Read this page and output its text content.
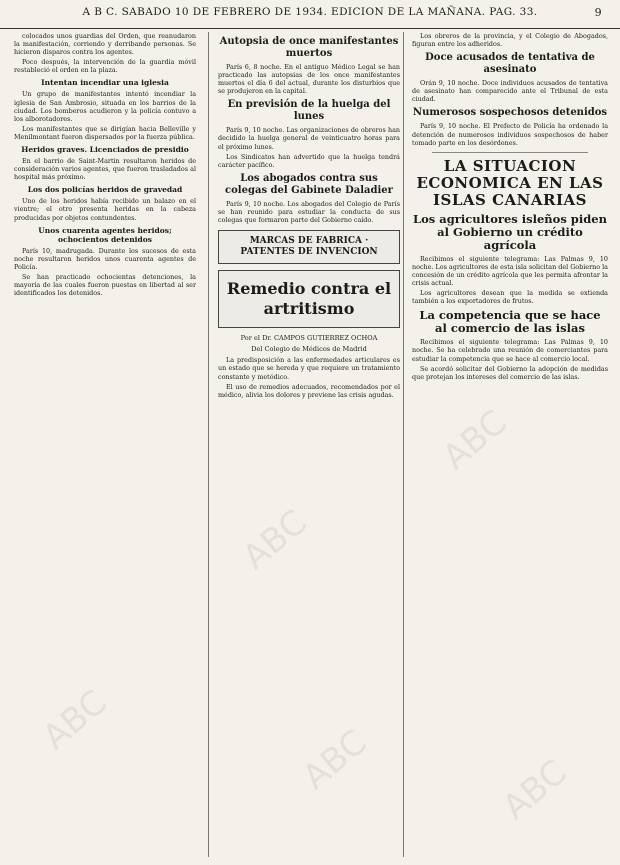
A B C. SABADO 10 DE FEBRERO DE 1934. EDICION DE LA MAÑANA. PAG. 33.	9

colocados unos guardias del Orden, que reanudaron la manifestación, corriendo y derribando personas. Se hicieron disparos contra los agentes.

Poco después, la intervención de la guardia móvil restableció el orden en la plaza.

Intentan incendiar una iglesia

Un grupo de manifestantes intentó incendiar la iglesia de San Ambrosio, situada en los barrios de la ciudad. Los bomberos acudieron y la policía contuvo a los alborotadores.

Los manifestantes que se dirigían hacia Belleville y Menilmontant fueron dispersados por la fuerza pública.

Heridos graves. Licenciados de presidio

En el barrio de Saint-Martin resultaron heridos de consideración varios agentes, que fueron trasladados al hospital más próximo.

Los dos policías heridos de gravedad

Uno de los heridos había recibido un balazo en el vientre; el otro presenta heridas en la cabeza producidas por objetos contundentes.

Unos cuarenta agentes heridos; ochocientos detenidos

París 10, madrugada. Durante los sucesos de esta noche resultaron heridos unos cuarenta agentes de Policía.

Se han practicado ochocientas detenciones, la mayoría de las cuales fueron puestas en libertad al ser identificados los detenidos.

Autopsia de once manifestantes muertos

París 6, 8 noche. En el antiguo Médico Legal se han practicado las autopsias de los once manifestantes muertos el día 6 del actual, durante los disturbios que se produjeron en la capital.

En previsión de la huelga del lunes

París 9, 10 noche. Las organizaciones de obreros han decidido la huelga general de veinticuatro horas para el próximo lunes.

Los Sindicatos han advertido que la huelga tendrá carácter pacífico.

Los abogados contra sus colegas del Gabinete Daladier

París 9, 10 noche. Los abogados del Colegio de París se han reunido para estudiar la conducta de sus colegas que formaron parte del Gobierno caído.

MARCAS DE FABRICA · PATENTES DE INVENCION
Remedio contra el artritismo
Por el Dr. CAMPOS GUTIERREZ OCHOA
Del Colegio de Médicos de Madrid

La predisposición a las enfermedades articulares es un estado que se hereda y que requiere un tratamiento constante y metódico.

El uso de remedios adecuados, recomendados por el médico, alivia los dolores y previene las crisis agudas.

Los obreros de la provincia, y el Colegio de Abogados, figuran entre los adheridos.

Doce acusados de tentativa de asesinato

Orán 9, 10 noche. Doce individuos acusados de tentativa de asesinato han comparecido ante el Tribunal de esta ciudad.

Numerosos sospechosos detenidos

París 9, 10 noche. El Prefecto de Policía ha ordenado la detención de numerosos individuos sospechosos de haber tomado parte en los desórdenes.

LA SITUACION ECONOMICA EN LAS ISLAS CANARIAS
Los agricultores isleños piden al Gobierno un crédito agrícola

Recibimos el siguiente telegrama: Las Palmas 9, 10 noche. Los agricultores de esta isla solicitan del Gobierno la concesión de un crédito agrícola que les permita afrontar la crisis actual.

Los agricultores desean que la medida se extienda también a los exportadores de frutos.

La competencia que se hace al comercio de las islas

Recibimos el siguiente telegrama: Las Palmas 9, 10 noche. Se ha celebrado una reunión de comerciantes para estudiar la competencia que se hace al comercio local.

Se acordó solicitar del Gobierno la adopción de medidas que protejan los intereses del comercio de las islas.

ABC
ABC
ABC
ABC
ABC
